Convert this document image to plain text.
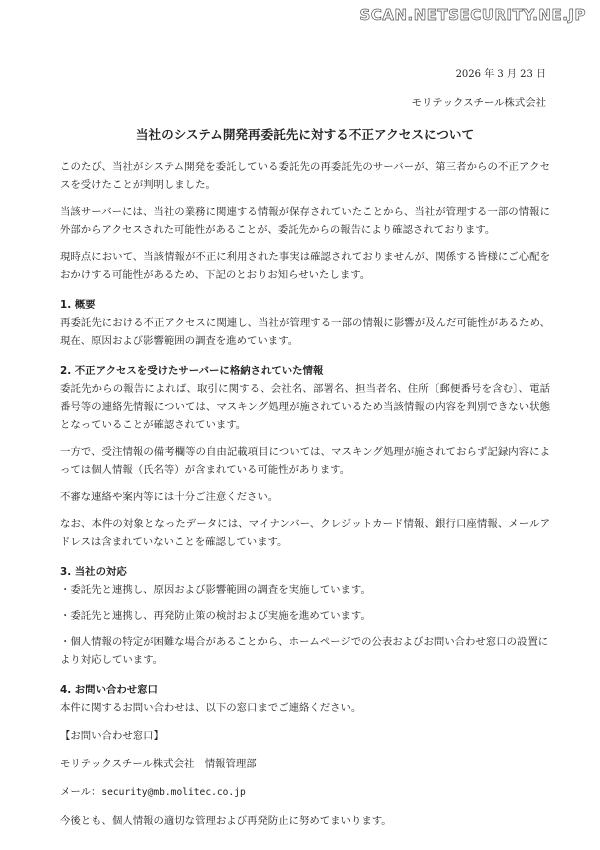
SCAN.NETSECURITY.NE.JP
2026 年 3 月 23 日
モリテックスチール株式会社
当社のシステム開発再委託先に対する不正アクセスについて

このたび、当社がシステム開発を委託している委託先の再委託先のサーバーが、第三者からの不正アクセスを受けたことが判明しました。

当該サーバーには、当社の業務に関連する情報が保存されていたことから、当社が管理する一部の情報に外部からアクセスされた可能性があることが、委託先からの報告により確認されております。

現時点において、当該情報が不正に利用された事実は確認されておりませんが、関係する皆様にご心配をおかけする可能性があるため、下記のとおりお知らせいたします。

1. 概要

再委託先における不正アクセスに関連し、当社が管理する一部の情報に影響が及んだ可能性があるため、現在、原因および影響範囲の調査を進めています。

2. 不正アクセスを受けたサーバーに格納されていた情報

委託先からの報告によれば、取引に関する、会社名、部署名、担当者名、住所〔郵便番号を含む〕、電話番号等の連絡先情報については、マスキング処理が施されているため当該情報の内容を判別できない状態となっていることが確認されています。

一方で、受注情報の備考欄等の自由記載項目については、マスキング処理が施されておらず記録内容によっては個人情報（氏名等）が含まれている可能性があります。

不審な連絡や案内等には十分ご注意ください。

なお、本件の対象となったデータには、マイナンバー、クレジットカード情報、銀行口座情報、メールアドレスは含まれていないことを確認しています。

3. 当社の対応

・委託先と連携し、原因および影響範囲の調査を実施しています。

・委託先と連携し、再発防止策の検討および実施を進めています。

・個人情報の特定が困難な場合があることから、ホームページでの公表およびお問い合わせ窓口の設置により対応しています。

4. お問い合わせ窓口

本件に関するお問い合わせは、以下の窓口までご連絡ください。

【お問い合わせ窓口】
モリテックスチール株式会社　情報管理部
メール：security@mb.molitec.co.jp

今後とも、個人情報の適切な管理および再発防止に努めてまいります。
